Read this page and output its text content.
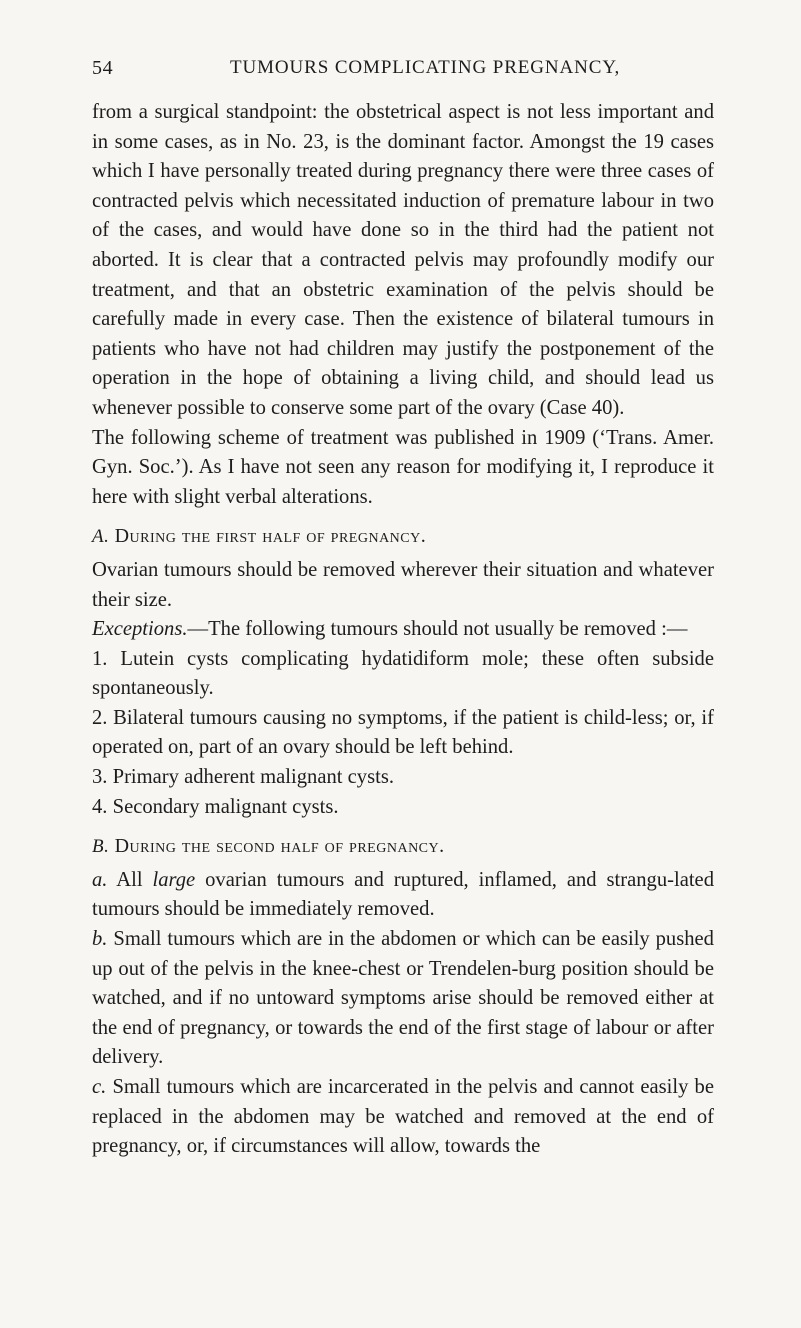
54	TUMOURS COMPLICATING PREGNANCY,

from a surgical standpoint: the obstetrical aspect is not less important and in some cases, as in No. 23, is the dominant factor. Amongst the 19 cases which I have personally treated during pregnancy there were three cases of contracted pelvis which necessitated induction of premature labour in two of the cases, and would have done so in the third had the patient not aborted. It is clear that a contracted pelvis may profoundly modify our treatment, and that an obstetric examination of the pelvis should be carefully made in every case. Then the existence of bilateral tumours in patients who have not had children may justify the postponement of the operation in the hope of obtaining a living child, and should lead us whenever possible to conserve some part of the ovary (Case 40).

The following scheme of treatment was published in 1909 (‘Trans. Amer. Gyn. Soc.’). As I have not seen any reason for modifying it, I reproduce it here with slight verbal alterations.

A. During the first half of pregnancy.

Ovarian tumours should be removed wherever their situation and whatever their size.

Exceptions.—The following tumours should not usually be removed :—

1. Lutein cysts complicating hydatidiform mole; these often subside spontaneously.

2. Bilateral tumours causing no symptoms, if the patient is child-less; or, if operated on, part of an ovary should be left behind.

3. Primary adherent malignant cysts.

4. Secondary malignant cysts.

B. During the second half of pregnancy.

a. All large ovarian tumours and ruptured, inflamed, and strangu-lated tumours should be immediately removed.

b. Small tumours which are in the abdomen or which can be easily pushed up out of the pelvis in the knee-chest or Trendelen-burg position should be watched, and if no untoward symptoms arise should be removed either at the end of pregnancy, or towards the end of the first stage of labour or after delivery.

c. Small tumours which are incarcerated in the pelvis and cannot easily be replaced in the abdomen may be watched and removed at the end of pregnancy, or, if circumstances will allow, towards the
